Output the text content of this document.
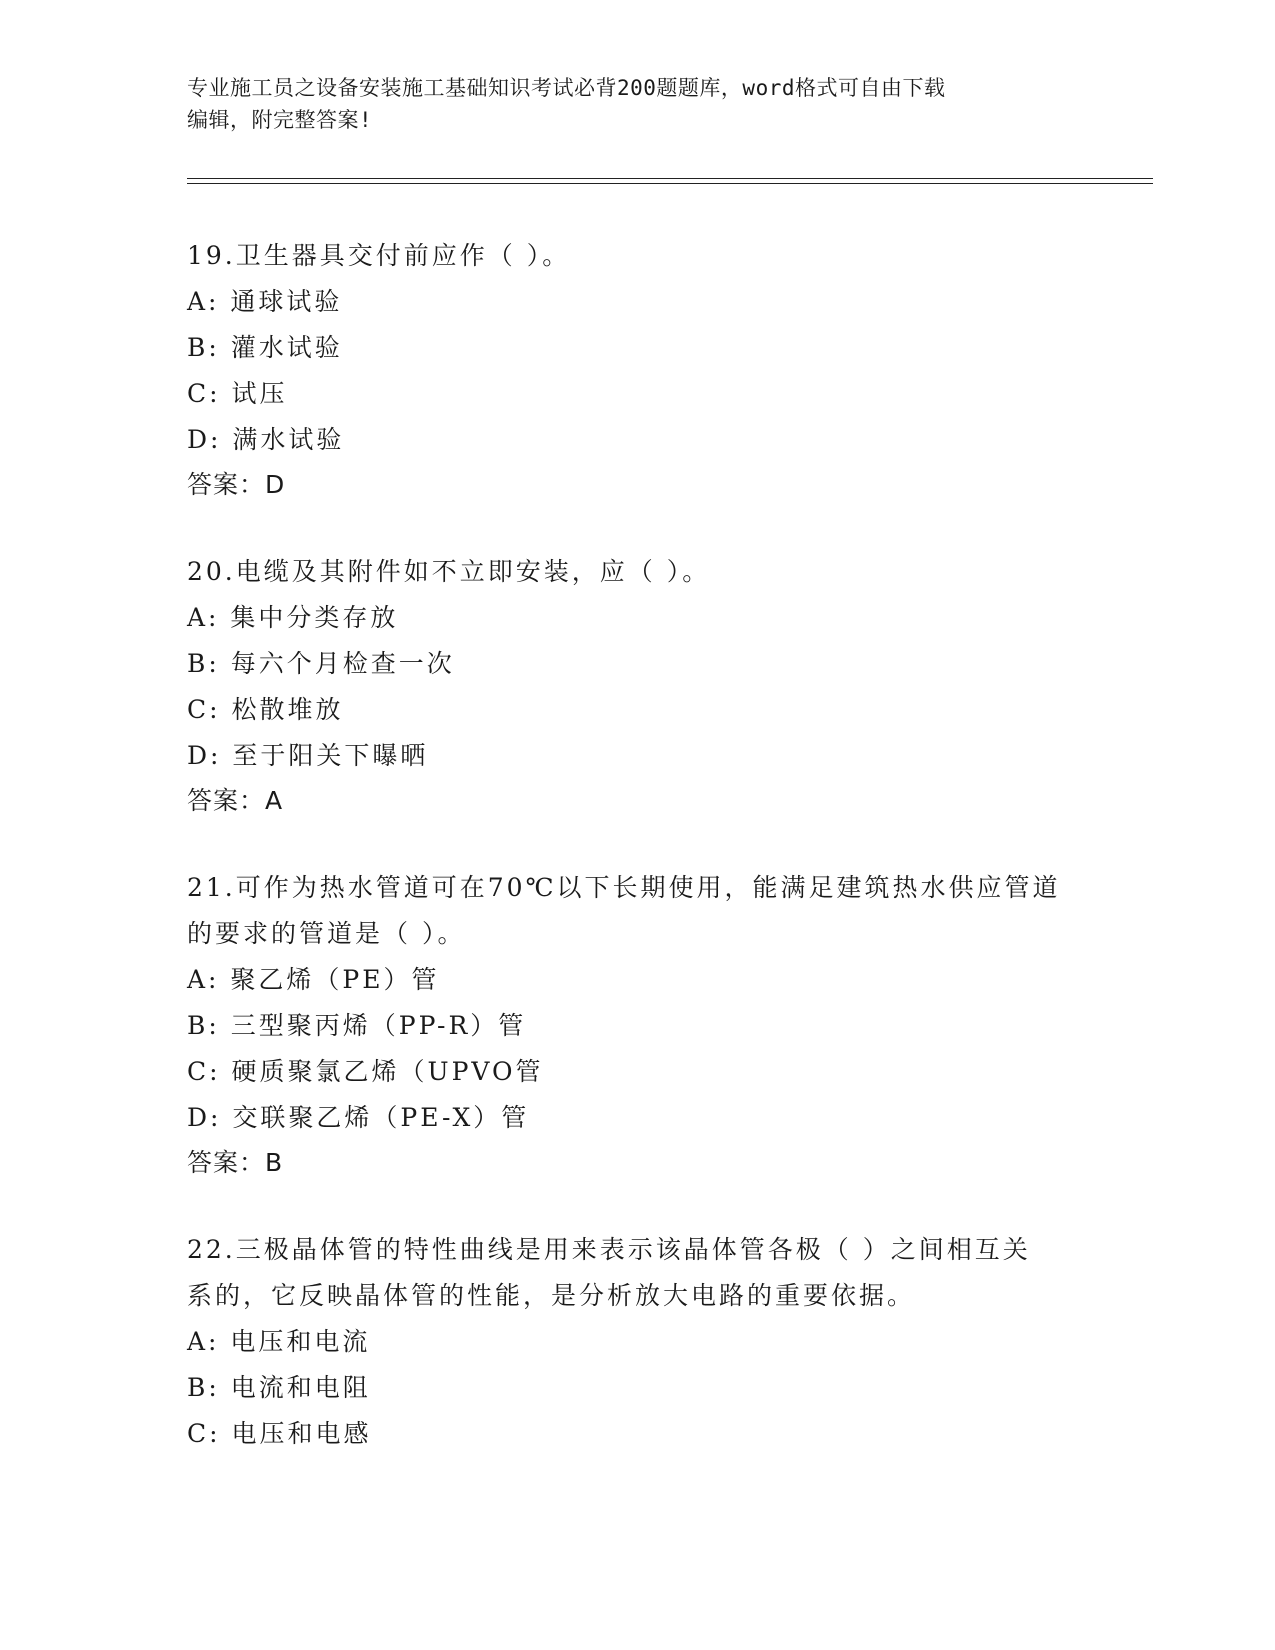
专业施工员之设备安装施工基础知识考试必背200题题库，word格式可自由下载
编辑，附完整答案!

19.卫生器具交付前应作（ ）。

A: 通球试验

B: 灌水试验

C: 试压

D: 满水试验

答案：D

20.电缆及其附件如不立即安装，应（ ）。

A: 集中分类存放

B: 每六个月检查一次

C: 松散堆放

D: 至于阳关下曝晒

答案：A

21.可作为热水管道可在70℃以下长期使用，能满足建筑热水供应管道

的要求的管道是（ ）。

A: 聚乙烯（PE）管

B: 三型聚丙烯（PP-R）管

C: 硬质聚氯乙烯（UPVO管

D: 交联聚乙烯（PE-X）管

答案：B

22.三极晶体管的特性曲线是用来表示该晶体管各极（ ）之间相互关

系的，它反映晶体管的性能，是分析放大电路的重要依据。

A: 电压和电流

B: 电流和电阻

C: 电压和电感
